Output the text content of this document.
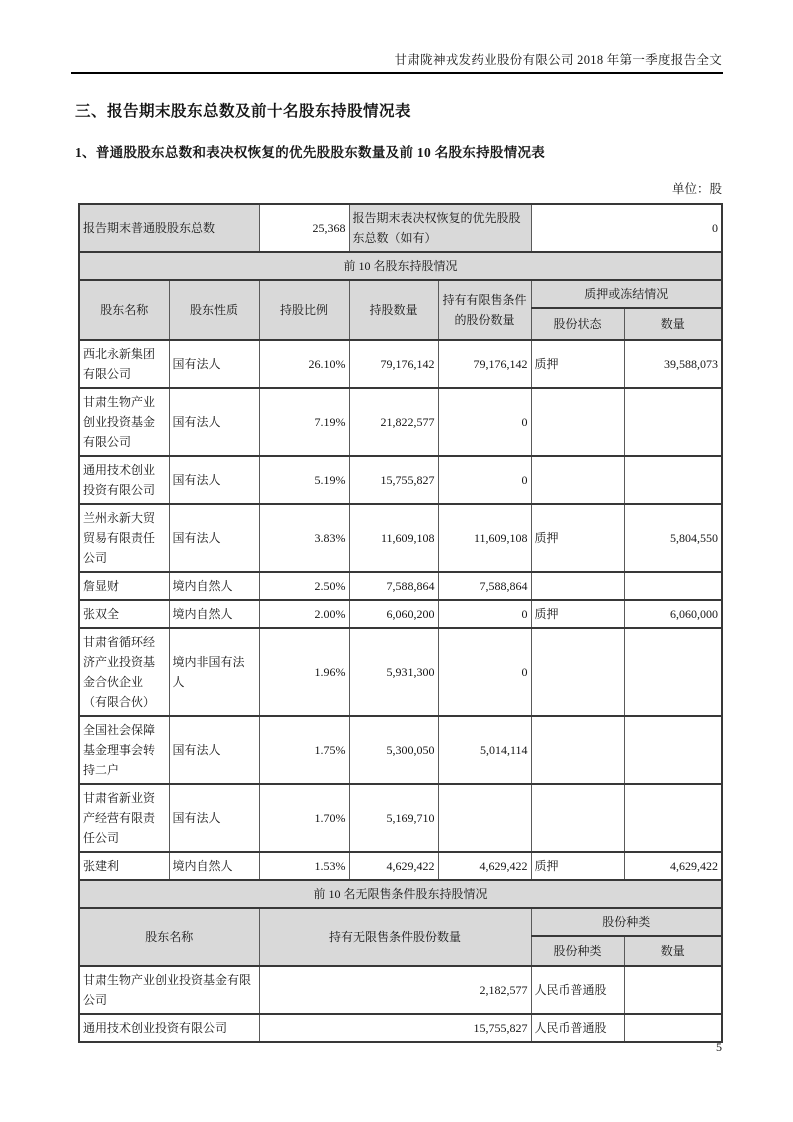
甘肃陇神戎发药业股份有限公司 2018 年第一季度报告全文
三、报告期末股东总数及前十名股东持股情况表
1、普通股股东总数和表决权恢复的优先股股东数量及前 10 名股东持股情况表
单位：股
报告期末普通股股东总数		25,368	报告期末表决权恢复的优先股股东总数（如有）		0	
前 10 名股东持股情况						
股东名称	股东性质	持股比例	持股数量	持有有限售条件的股份数量	质押或冻结情况	
					股份状态	数量
西北永新集团有限公司	国有法人	26.10%	79,176,142	79,176,142	质押	39,588,073
甘肃生物产业创业投资基金有限公司	国有法人	7.19%	21,822,577	0		
通用技术创业投资有限公司	国有法人	5.19%	15,755,827	0		
兰州永新大贸贸易有限责任公司	国有法人	3.83%	11,609,108	11,609,108	质押	5,804,550
詹显财	境内自然人	2.50%	7,588,864	7,588,864		
张双全	境内自然人	2.00%	6,060,200	0	质押	6,060,000
甘肃省循环经济产业投资基金合伙企业（有限合伙）	境内非国有法人	1.96%	5,931,300	0		
全国社会保障基金理事会转持二户	国有法人	1.75%	5,300,050	5,014,114		
甘肃省新业资产经营有限责任公司	国有法人	1.70%	5,169,710			
张建利	境内自然人	1.53%	4,629,422	4,629,422	质押	4,629,422
前 10 名无限售条件股东持股情况						
股东名称		持有无限售条件股份数量			股份种类	
					股份种类	数量
甘肃生物产业创业投资基金有限公司		2,182,577			人民币普通股	
通用技术创业投资有限公司		15,755,827			人民币普通股	
5
